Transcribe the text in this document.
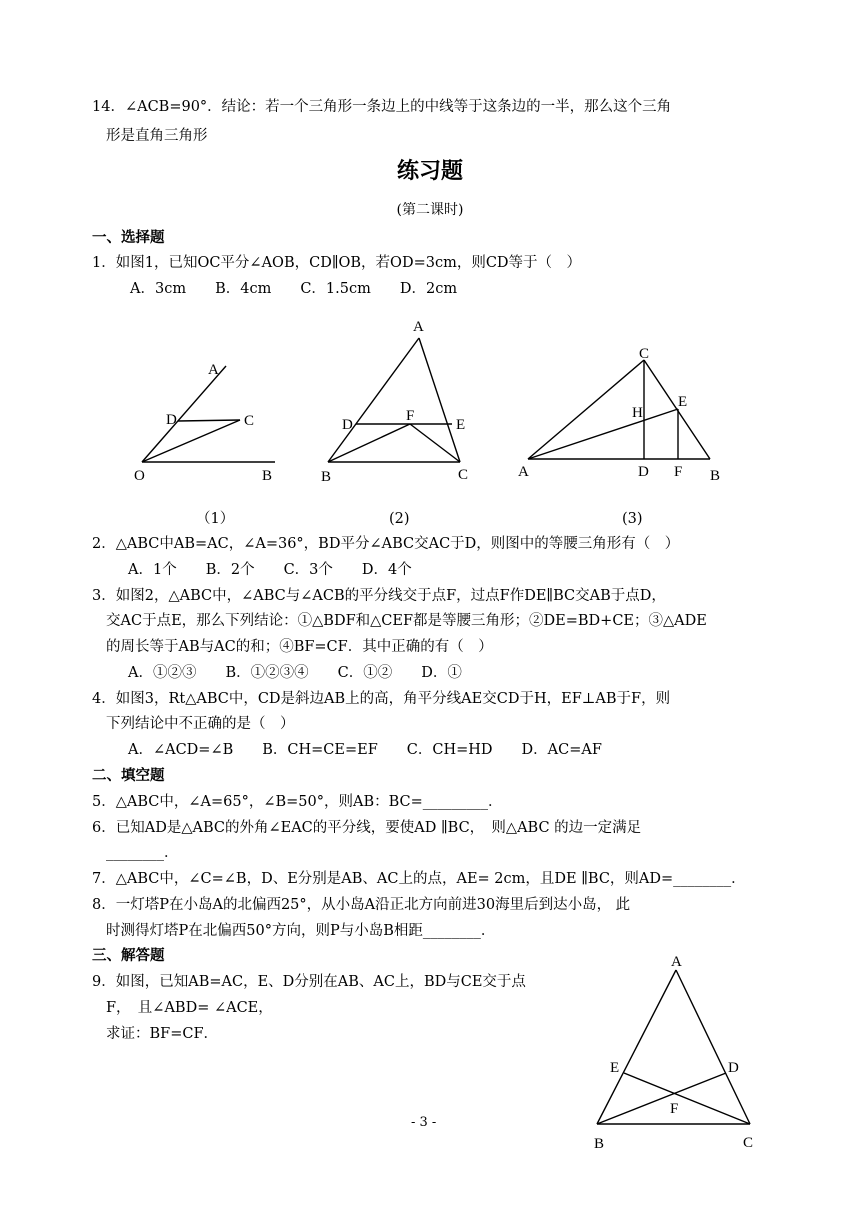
14．∠ACB=90°．结论：若一个三角形一条边上的中线等于这条边的一半，那么这个三角
形是直角三角形
练习题
(第二课时)
一、选择题
1．如图1，已知OC平分∠AOB，CD∥OB，若OD=3cm，则CD等于（　）
A．3cm　　B．4cm　　C．1.5cm　　D．2cm
A
D	C
O	B
A
D
F
E
B	C
C
H
E
A	D F B
（1）	(2)	(3)
2．△ABC中AB=AC，∠A=36°，BD平分∠ABC交AC于D，则图中的等腰三角形有（　）
A．1个　　B．2个　　C．3个　　D．4个
3．如图2，△ABC中，∠ABC与∠ACB的平分线交于点F，过点F作DE∥BC交AB于点D，
交AC于点E，那么下列结论：①△BDF和△CEF都是等腰三角形；②DE=BD+CE；③△ADE
的周长等于AB与AC的和；④BF=CF．其中正确的有（　）
A．①②③　　B．①②③④　　C．①②　　D．①
4．如图3，Rt△ABC中，CD是斜边AB上的高，角平分线AE交CD于H，EF⊥AB于F，则
下列结论中不正确的是（　）
A．∠ACD=∠B　　B．CH=CE=EF　　C．CH=HD　　D．AC=AF
二、填空题
5．△ABC中，∠A=65°，∠B=50°，则AB：BC=_________．
6．已知AD是△ABC的外角∠EAC的平分线，要使AD ∥BC，　则△ABC 的边一定满足
________．
7．△ABC中，∠C=∠B，D、E分别是AB、AC上的点，AE= 2cm，且DE ∥BC，则AD=________．
8．一灯塔P在小岛A的北偏西25°，从小岛A沿正北方向前进30海里后到达小岛， 此
时测得灯塔P在北偏西50°方向，则P与小岛B相距________．
三、解答题
9．如图，已知AB=AC，E、D分别在AB、AC上，BD与CE交于点
F，　且∠ABD= ∠ACE，
求证：BF=CF．
A
E	D
F
B	C
- 3 -
